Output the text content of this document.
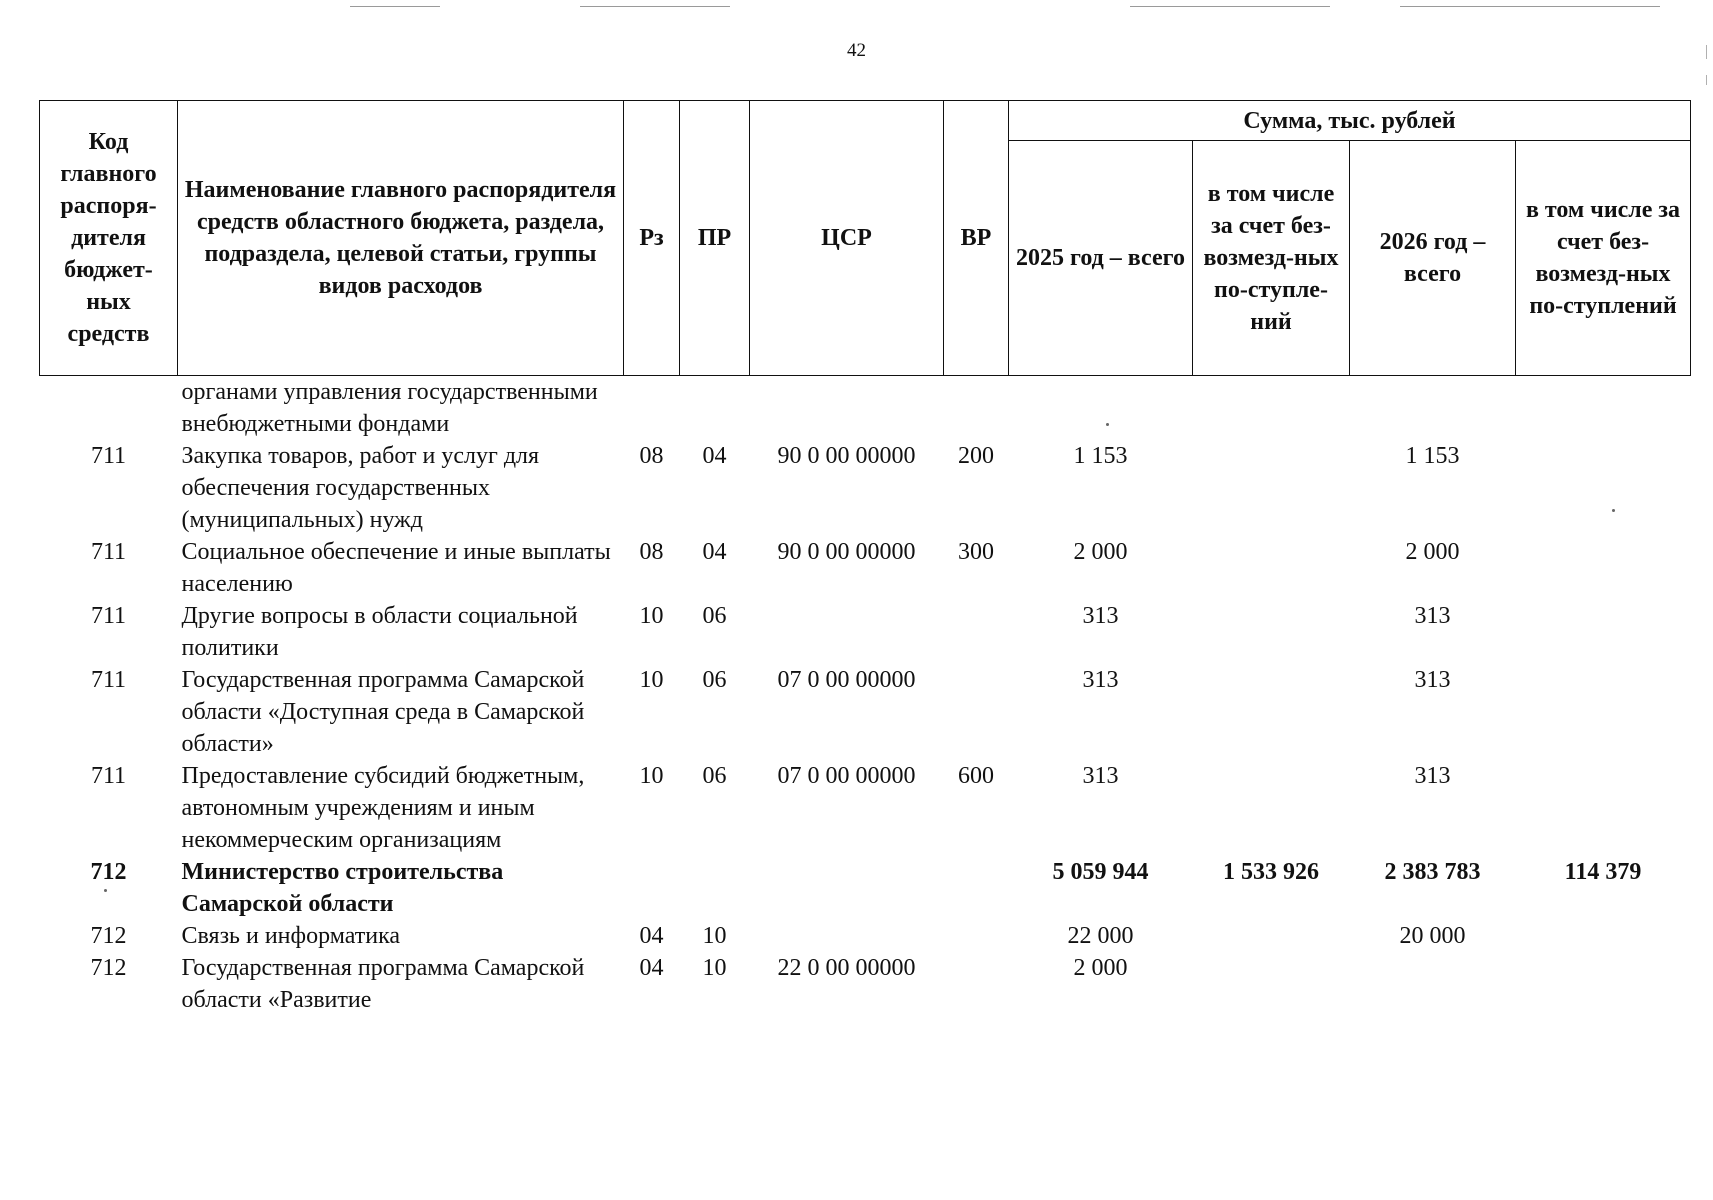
42
Код главного распоря-дителя бюджет-ных средств	Наименование главного распорядителя средств областного бюджета, раздела, подраздела, целевой статьи, группы видов расходов	Рз	ПР	ЦСР	ВР	Сумма, тыс. рублей			
						2025 год – всего	в том числе за счет без-возмезд-ных по-ступле-ний	2026 год – всего	в том числе за счет без-возмезд-ных по-ступлений
	органами управления государственными внебюджетными фондами								
711	Закупка товаров, работ и услуг для обеспечения государственных (муниципальных) нужд	08	04	90 0 00 00000	200	1 153		1 153	
711	Социальное обеспечение и иные выплаты населению	08	04	90 0 00 00000	300	2 000		2 000	
711	Другие вопросы в области социальной политики	10	06			313		313	
711	Государственная программа Самарской области «Доступная среда в Самарской области»	10	06	07 0 00 00000		313		313	
711	Предоставление субсидий бюджетным, автономным учреждениям и иным некоммерческим организациям	10	06	07 0 00 00000	600	313		313	
712	Министерство строительства Самарской области					5 059 944	1 533 926	2 383 783	114 379
712	Связь и информатика	04	10			22 000		20 000	
712	Государственная программа Самарской области «Развитие	04	10	22 0 00 00000		2 000			
